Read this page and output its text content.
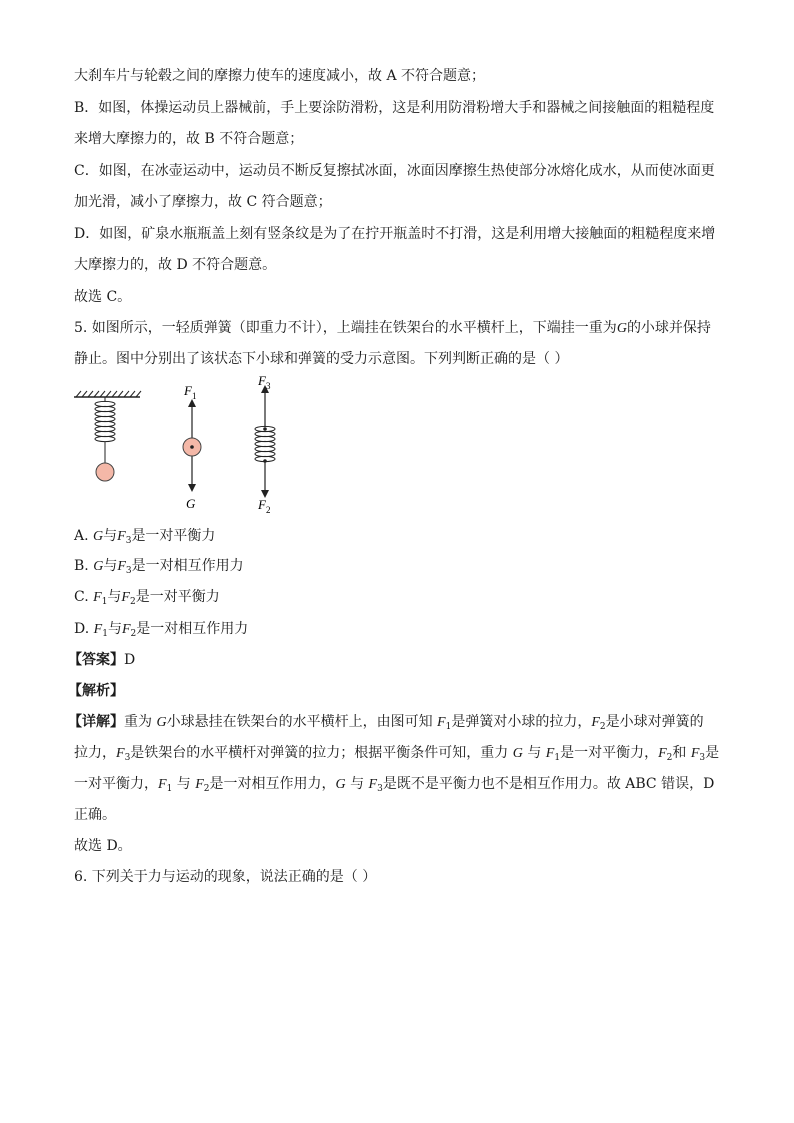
大刹车片与轮毂之间的摩擦力使车的速度减小，故 A 不符合题意；
B．如图，体操运动员上器械前，手上要涂防滑粉，这是利用防滑粉增大手和器械之间接触面的粗糙程度
来增大摩擦力的，故 B 不符合题意；
C．如图，在冰壶运动中，运动员不断反复擦拭冰面，冰面因摩擦生热使部分冰熔化成水，从而使冰面更
加光滑，减小了摩擦力，故 C 符合题意；
D．如图，矿泉水瓶瓶盖上刻有竖条纹是为了在拧开瓶盖时不打滑，这是利用增大接触面的粗糙程度来增
大摩擦力的，故 D 不符合题意。
故选 C。
5. 如图所示，一轻质弹簧（即重力不计），上端挂在铁架台的水平横杆上，下端挂一重为G的小球并保持
静止。图中分别出了该状态下小球和弹簧的受力示意图。下列判断正确的是（ ）
$F_1$
G
$F_3$
$F_2$
A. G与$F_3$是一对平衡力
B. G与$F_3$是一对相互作用力
C. $F_1$与$F_2$是一对平衡力
D. $F_1$与$F_2$是一对相互作用力
【答案】D
【解析】
【详解】重为 G小球悬挂在铁架台的水平横杆上，由图可知 $F_1$是弹簧对小球的拉力，$F_2$是小球对弹簧的
拉力，$F_3$是铁架台的水平横杆对弹簧的拉力；根据平衡条件可知，重力 G 与 $F_1$是一对平衡力，$F_2$和 $F_3$是
一对平衡力，$F_1$ 与 $F_2$是一对相互作用力，G 与 $F_3$是既不是平衡力也不是相互作用力。故 ABC 错误，D
正确。
故选 D。
6. 下列关于力与运动的现象，说法正确的是（ ）
